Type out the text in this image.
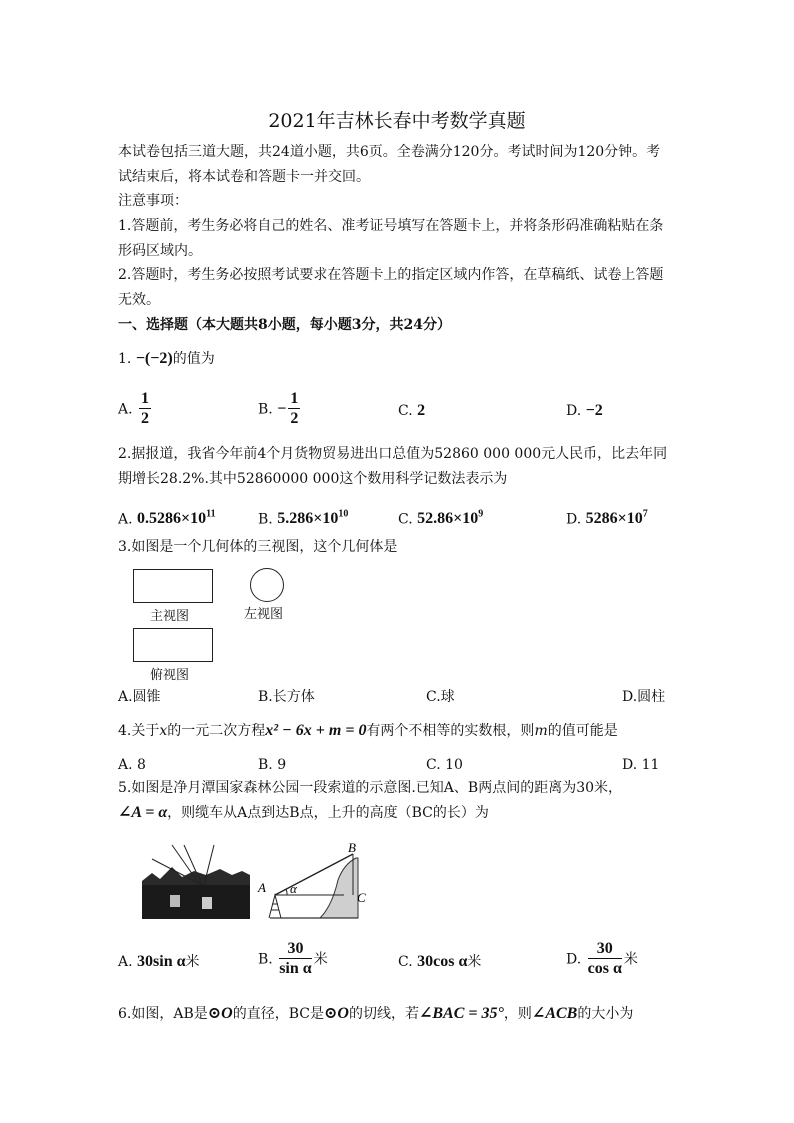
2021年吉林长春中考数学真题
本试卷包括三道大题，共24道小题，共6页。全卷满分120分。考试时间为120分钟。考
试结束后，将本试卷和答题卡一并交回。
注意事项：
1.答题前，考生务必将自己的姓名、准考证号填写在答题卡上，并将条形码准确粘贴在条
形码区域内。
2.答题时，考生务必按照考试要求在答题卡上的指定区域内作答，在草稿纸、试卷上答题
无效。
一、选择题（本大题共8小题，每小题3分，共24分）
1. −(−2)的值为
A. $\frac{1}{2}$	B. − $\frac{1}{2}$	C. 2	D. −2
2.据报道，我省今年前4个月货物贸易进出口总值为52860 000 000元人民币，比去年同
期增长28.2%.其中52860000 000这个数用科学记数法表示为
A. $0.5286\times 10^{11}$	B. $5.286\times 10^{10}$	C. $52.86\times 10^9$	D. $5286\times 10^7$
3.如图是一个几何体的三视图，这个几何体是
主视图	左视图
俯视图
A.圆锥	B.长方体	C.球	D.圆柱
4.关于x的一元二次方程x² − 6x + m = 0有两个不相等的实数根，则m的值可能是
A. 8	B. 9	C. 10	D. 11
5.如图是净月潭国家森林公园一段索道的示意图.已知A、B两点间的距离为30米，
∠A = α，则缆车从A点到达B点，上升的高度（BC的长）为
A
B
C
α
A. 30sin α米	B. $\frac{30}{\text{sin α}}$ 米	C. 30cos α米	D. $\frac{30}{\text{cos α}}$ 米
6.如图，AB是⊙O的直径，BC是⊙O的切线，若∠BAC = 35°，则∠ACB的大小为
